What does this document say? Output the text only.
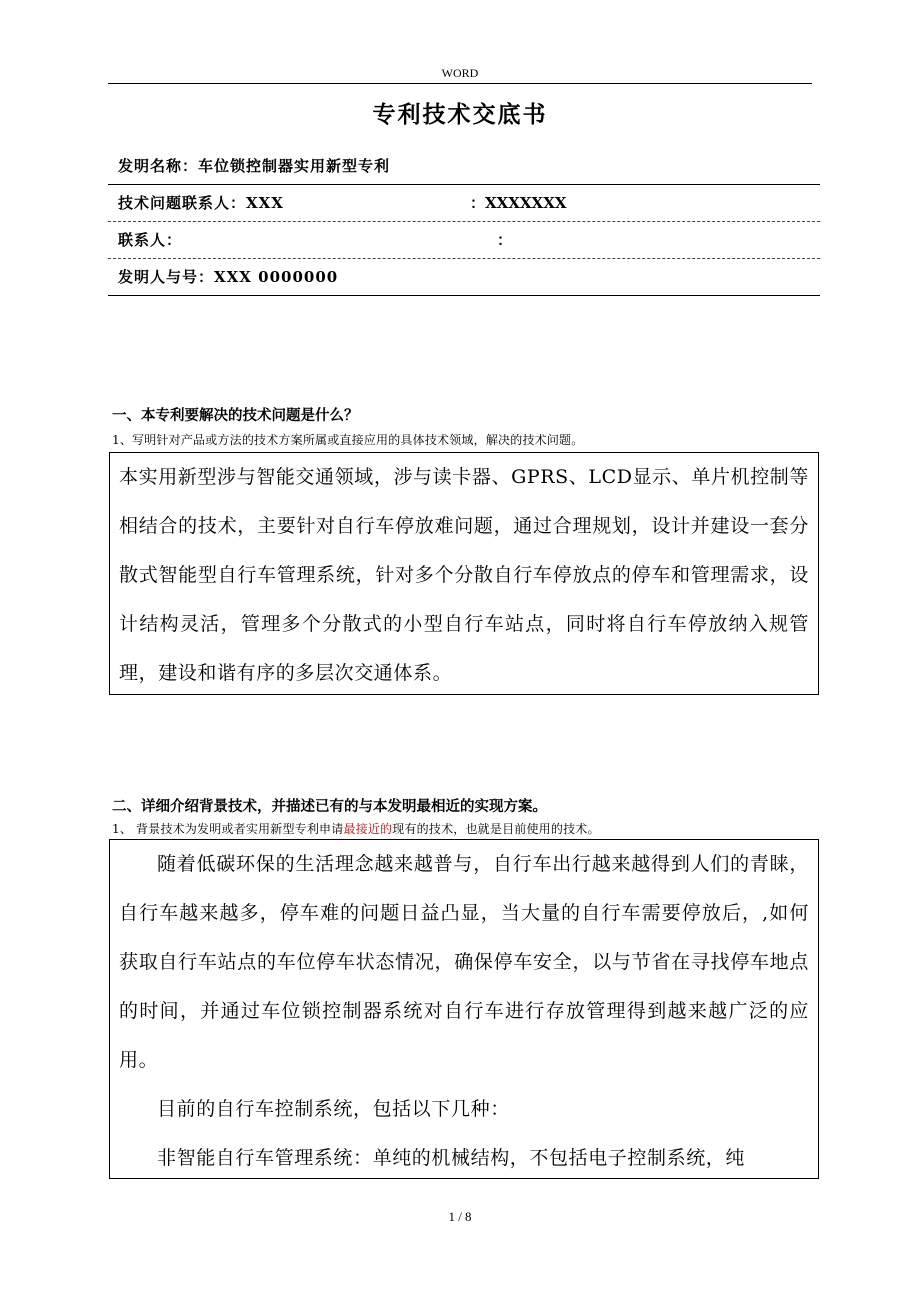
WORD
专利技术交底书
发明名称：车位锁控制器实用新型专利
技术问题联系人：XXX	：XXXXXXX
联系人：	：
发明人与号：XXX 0000000
一、本专利要解决的技术问题是什么？
1、写明针对产品或方法的技术方案所属或直接应用的具体技术领域，解决的技术问题。

本实用新型涉与智能交通领域，涉与读卡器、GPRS、LCD显示、单片机控制等相结合的技术，主要针对自行车停放难问题，通过合理规划，设计并建设一套分散式智能型自行车管理系统，针对多个分散自行车停放点的停车和管理需求，设计结构灵活，管理多个分散式的小型自行车站点，同时将自行车停放纳入规管理，建设和谐有序的多层次交通体系。

二、详细介绍背景技术，并描述已有的与本发明最相近的实现方案。
1、 背景技术为发明或者实用新型专利申请最接近的现有的技术，也就是目前使用的技术。

随着低碳环保的生活理念越来越普与，自行车出行越来越得到人们的青睐，自行车越来越多，停车难的问题日益凸显，当大量的自行车需要停放后，,如何获取自行车站点的车位停车状态情况，确保停车安全，以与节省在寻找停车地点的时间，并通过车位锁控制器系统对自行车进行存放管理得到越来越广泛的应用。

目前的自行车控制系统，包括以下几种：

非智能自行车管理系统：单纯的机械结构，不包括电子控制系统，纯

1 / 8
